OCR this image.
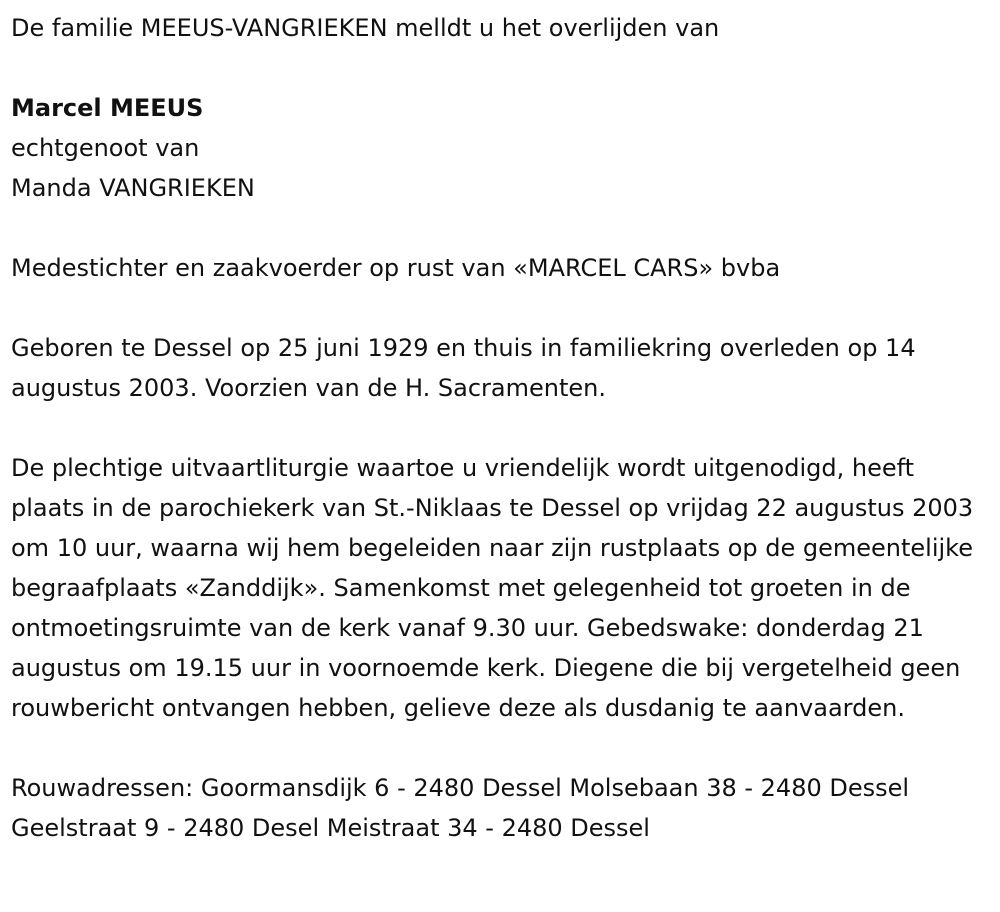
De familie MEEUS-VANGRIEKEN melldt u het overlijden van
Marcel MEEUS
echtgenoot van
Manda VANGRIEKEN
Medestichter en zaakvoerder op rust van «MARCEL CARS» bvba

Geboren te Dessel op 25 juni 1929 en thuis in familiekring overleden op 14 augustus 2003. Voorzien van de H. Sacramenten.

De plechtige uitvaartliturgie waartoe u vriendelijk wordt uitgenodigd, heeft plaats in de parochiekerk van St.-Niklaas te Dessel op vrijdag 22 augustus 2003 om 10 uur, waarna wij hem begeleiden naar zijn rustplaats op de gemeentelijke begraafplaats «Zanddijk». Samenkomst met gelegenheid tot groeten in de ontmoetingsruimte van de kerk vanaf 9.30 uur. Gebedswake: donderdag 21 augustus om 19.15 uur in voornoemde kerk. Diegene die bij vergetelheid geen rouwbericht ontvangen hebben, gelieve deze als dusdanig te aanvaarden.

Rouwadressen: Goormansdijk 6 - 2480 Dessel Molsebaan 38 - 2480 Dessel Geelstraat 9 - 2480 Desel Meistraat 34 - 2480 Dessel
